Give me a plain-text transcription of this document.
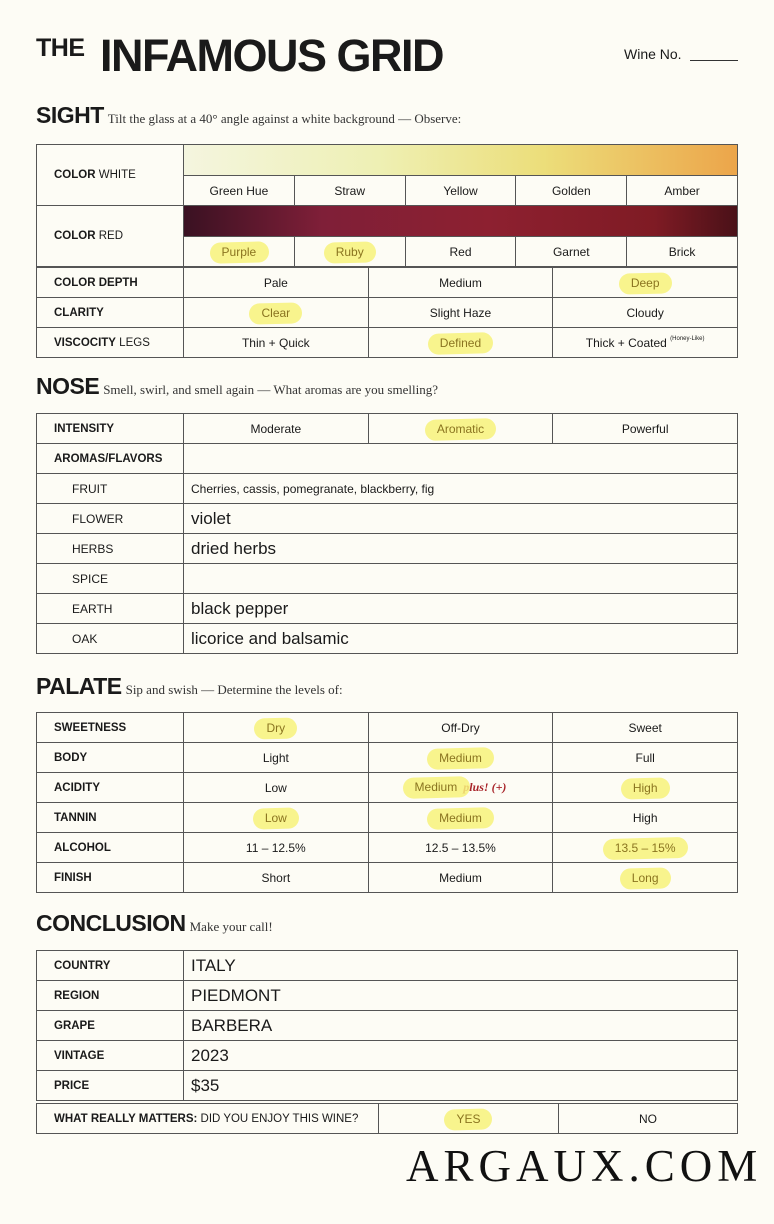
THE INFAMOUS GRID	Wine No.
SIGHT Tilt the glass at a 40° angle against a white background — Observe:
COLOR WHITE					

	Green Hue	Straw	Yellow	Golden	Amber
COLOR RED					

	Purple	Ruby	Red	Garnet	Brick
COLOR DEPTH	Pale	Medium	Deep
CLARITY	Clear	Slight Haze	Cloudy
VISCOCITY LEGS	Thin + Quick	Defined	Thick + Coated $^{(Honey-Like)}$
NOSE Smell, swirl, and smell again — What aromas are you smelling?
INTENSITY	Moderate	Aromatic	Powerful
AROMAS/FLAVORS			
FRUIT	Cherries, cassis, pomegranate, blackberry, fig		
FLOWER	violet		
HERBS	dried herbs		
SPICE			
EARTH	black pepper		
OAK	licorice and balsamic		
PALATE Sip and swish — Determine the levels of:
SWEETNESS	Dry	Off-Dry	Sweet
BODY	Light	Medium	Full
ACIDITY	Low	Medium plus! (+)	High
TANNIN	Low	Medium	High
ALCOHOL	11 – 12.5%	12.5 – 13.5%	13.5 – 15%
FINISH	Short	Medium	Long
CONCLUSION Make your call!
COUNTRY	ITALY
REGION	PIEDMONT
GRAPE	BARBERA
VINTAGE	2023
PRICE	$35
WHAT REALLY MATTERS: DID YOU ENJOY THIS WINE?	YES	NO
ARGAUX.COM
